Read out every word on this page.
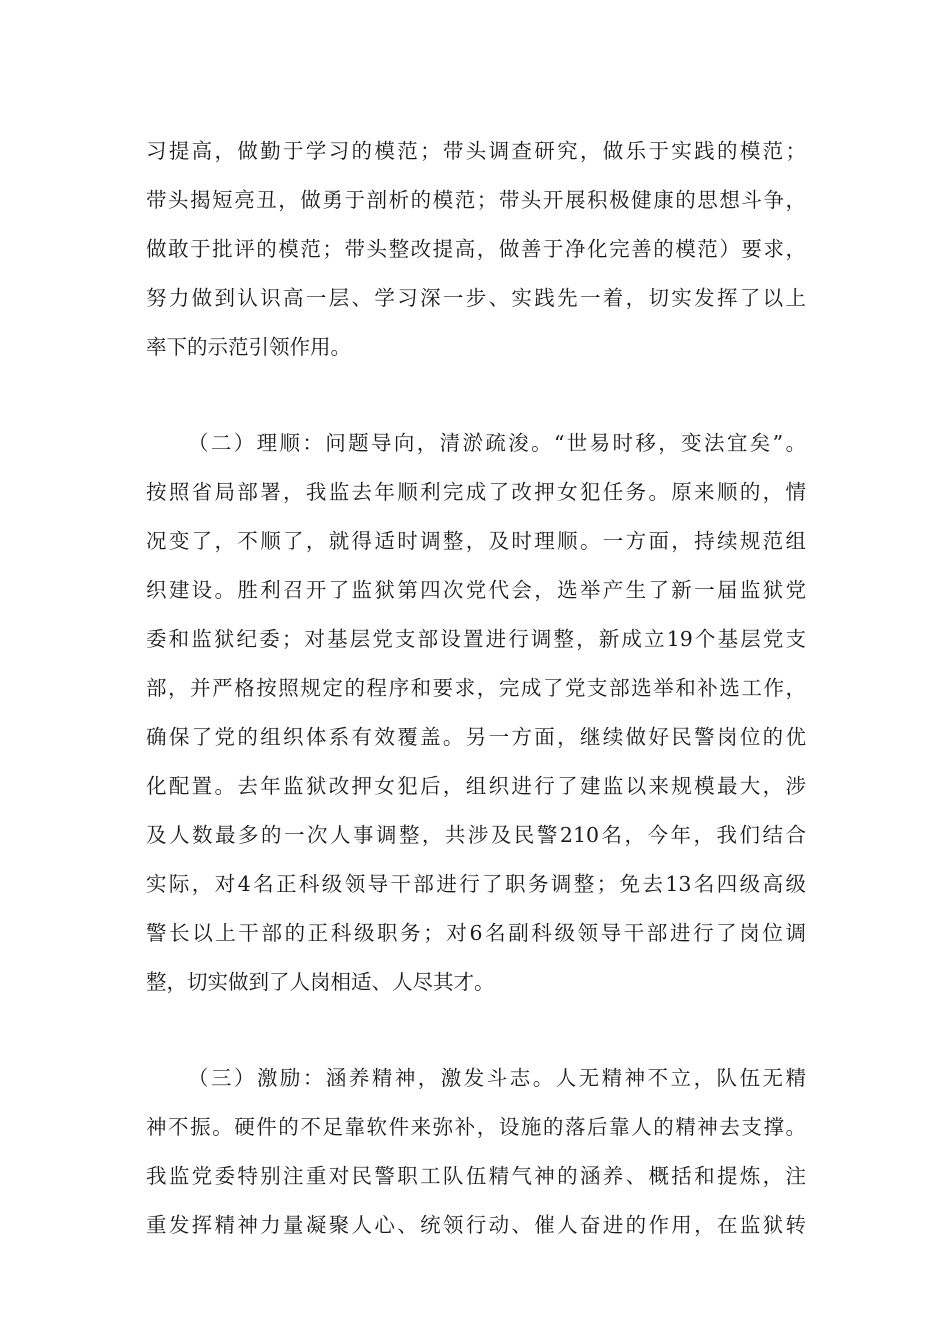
习提高，做勤于学习的模范；带头调查研究，做乐于实践的模范；
带头揭短亮丑，做勇于剖析的模范；带头开展积极健康的思想斗争，
做敢于批评的模范；带头整改提高，做善于净化完善的模范）要求，
努力做到认识高一层、学习深一步、实践先一着，切实发挥了以上
率下的示范引领作用。
（二）理顺：问题导向，清淤疏浚。“世易时移，变法宜矣”。
按照省局部署，我监去年顺利完成了改押女犯任务。原来顺的，情
况变了，不顺了，就得适时调整，及时理顺。一方面，持续规范组
织建设。胜利召开了监狱第四次党代会，选举产生了新一届监狱党
委和监狱纪委；对基层党支部设置进行调整，新成立19个基层党支
部，并严格按照规定的程序和要求，完成了党支部选举和补选工作，
确保了党的组织体系有效覆盖。另一方面，继续做好民警岗位的优
化配置。去年监狱改押女犯后，组织进行了建监以来规模最大，涉
及人数最多的一次人事调整，共涉及民警210名，今年，我们结合
实际，对4名正科级领导干部进行了职务调整；免去13名四级高级
警长以上干部的正科级职务；对6名副科级领导干部进行了岗位调
整，切实做到了人岗相适、人尽其才。
（三）激励：涵养精神，激发斗志。人无精神不立，队伍无精
神不振。硬件的不足靠软件来弥补，设施的落后靠人的精神去支撑。
我监党委特别注重对民警职工队伍精气神的涵养、概括和提炼，注
重发挥精神力量凝聚人心、统领行动、催人奋进的作用，在监狱转
